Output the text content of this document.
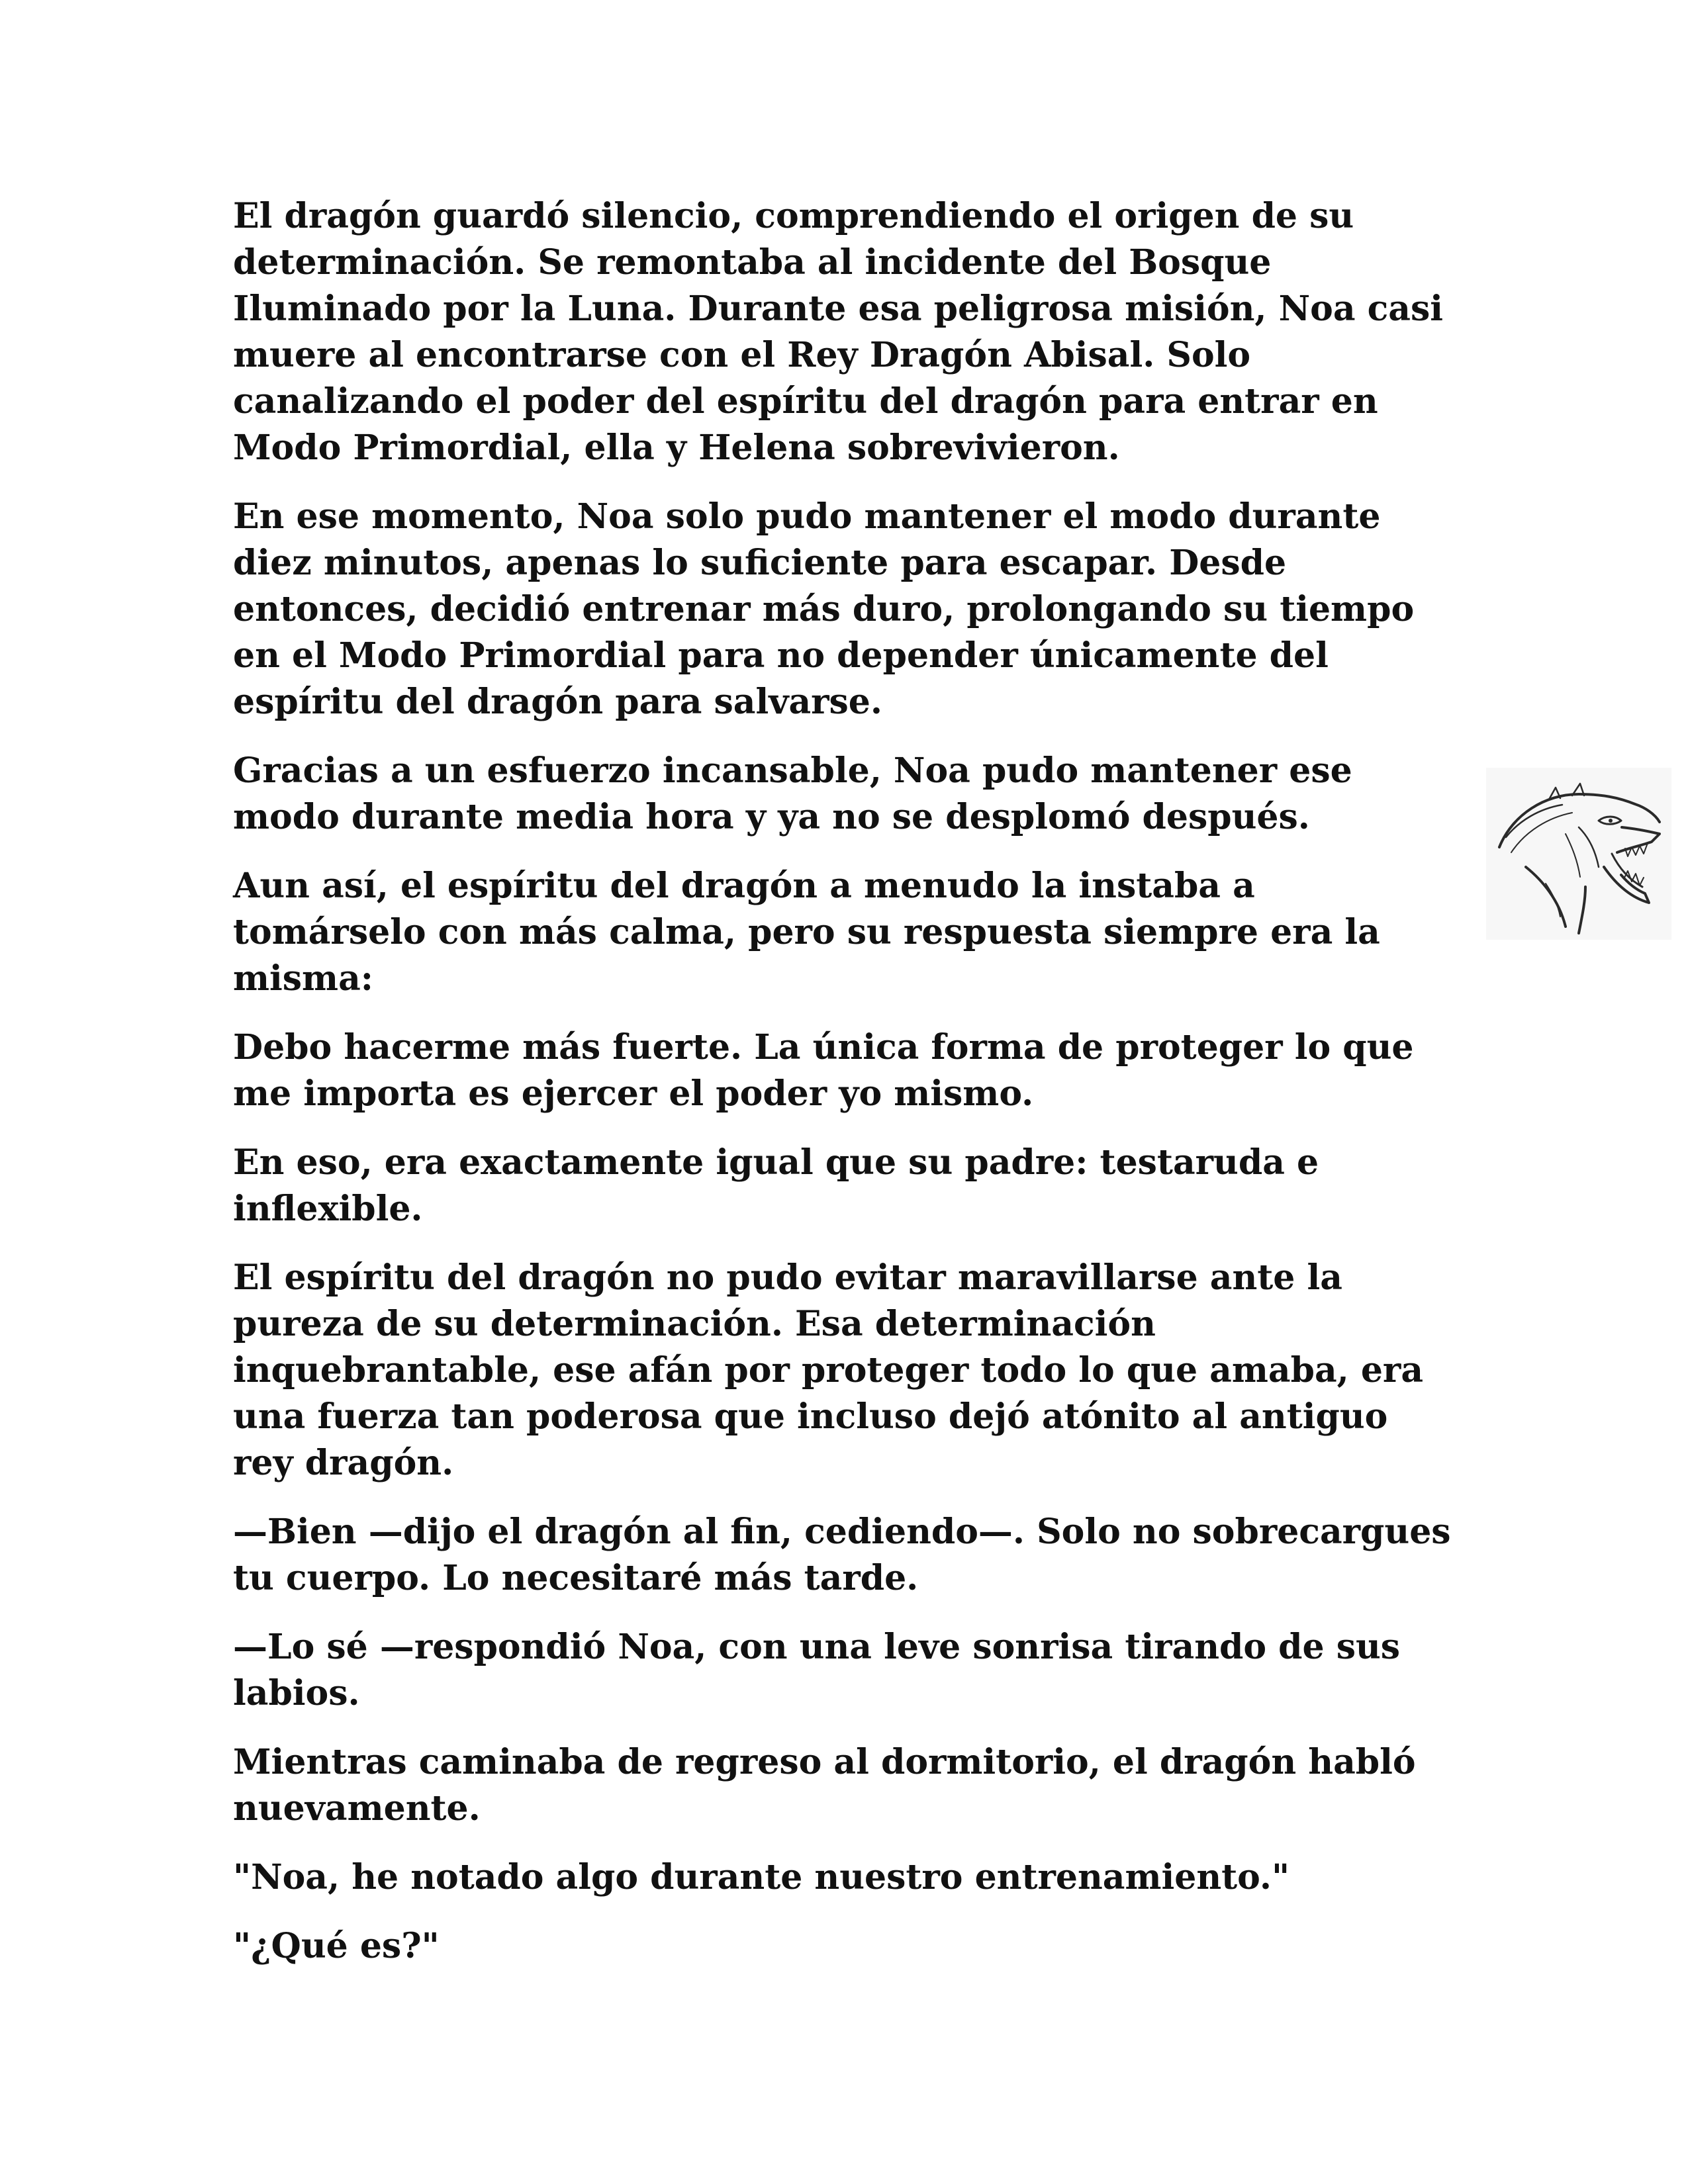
El dragón guardó silencio, comprendiendo el origen de su determinación. Se remontaba al incidente del Bosque Iluminado por la Luna. Durante esa peligrosa misión, Noa casi muere al encontrarse con el Rey Dragón Abisal. Solo canalizando el poder del espíritu del dragón para entrar en Modo Primordial, ella y Helena sobrevivieron.

En ese momento, Noa solo pudo mantener el modo durante diez minutos, apenas lo suficiente para escapar. Desde entonces, decidió entrenar más duro, prolongando su tiempo en el Modo Primordial para no depender únicamente del espíritu del dragón para salvarse.

Gracias a un esfuerzo incansable, Noa pudo mantener ese modo durante media hora y ya no se desplomó después.

Aun así, el espíritu del dragón a menudo la instaba a tomárselo con más calma, pero su respuesta siempre era la misma:

Debo hacerme más fuerte. La única forma de proteger lo que me importa es ejercer el poder yo mismo.

En eso, era exactamente igual que su padre: testaruda e inflexible.

El espíritu del dragón no pudo evitar maravillarse ante la pureza de su determinación. Esa determinación inquebrantable, ese afán por proteger todo lo que amaba, era una fuerza tan poderosa que incluso dejó atónito al antiguo rey dragón.

—Bien —dijo el dragón al fin, cediendo—. Solo no sobrecargues tu cuerpo. Lo necesitaré más tarde.

—Lo sé —respondió Noa, con una leve sonrisa tirando de sus labios.

Mientras caminaba de regreso al dormitorio, el dragón habló nuevamente.

"Noa, he notado algo durante nuestro entrenamiento."

"¿Qué es?"
